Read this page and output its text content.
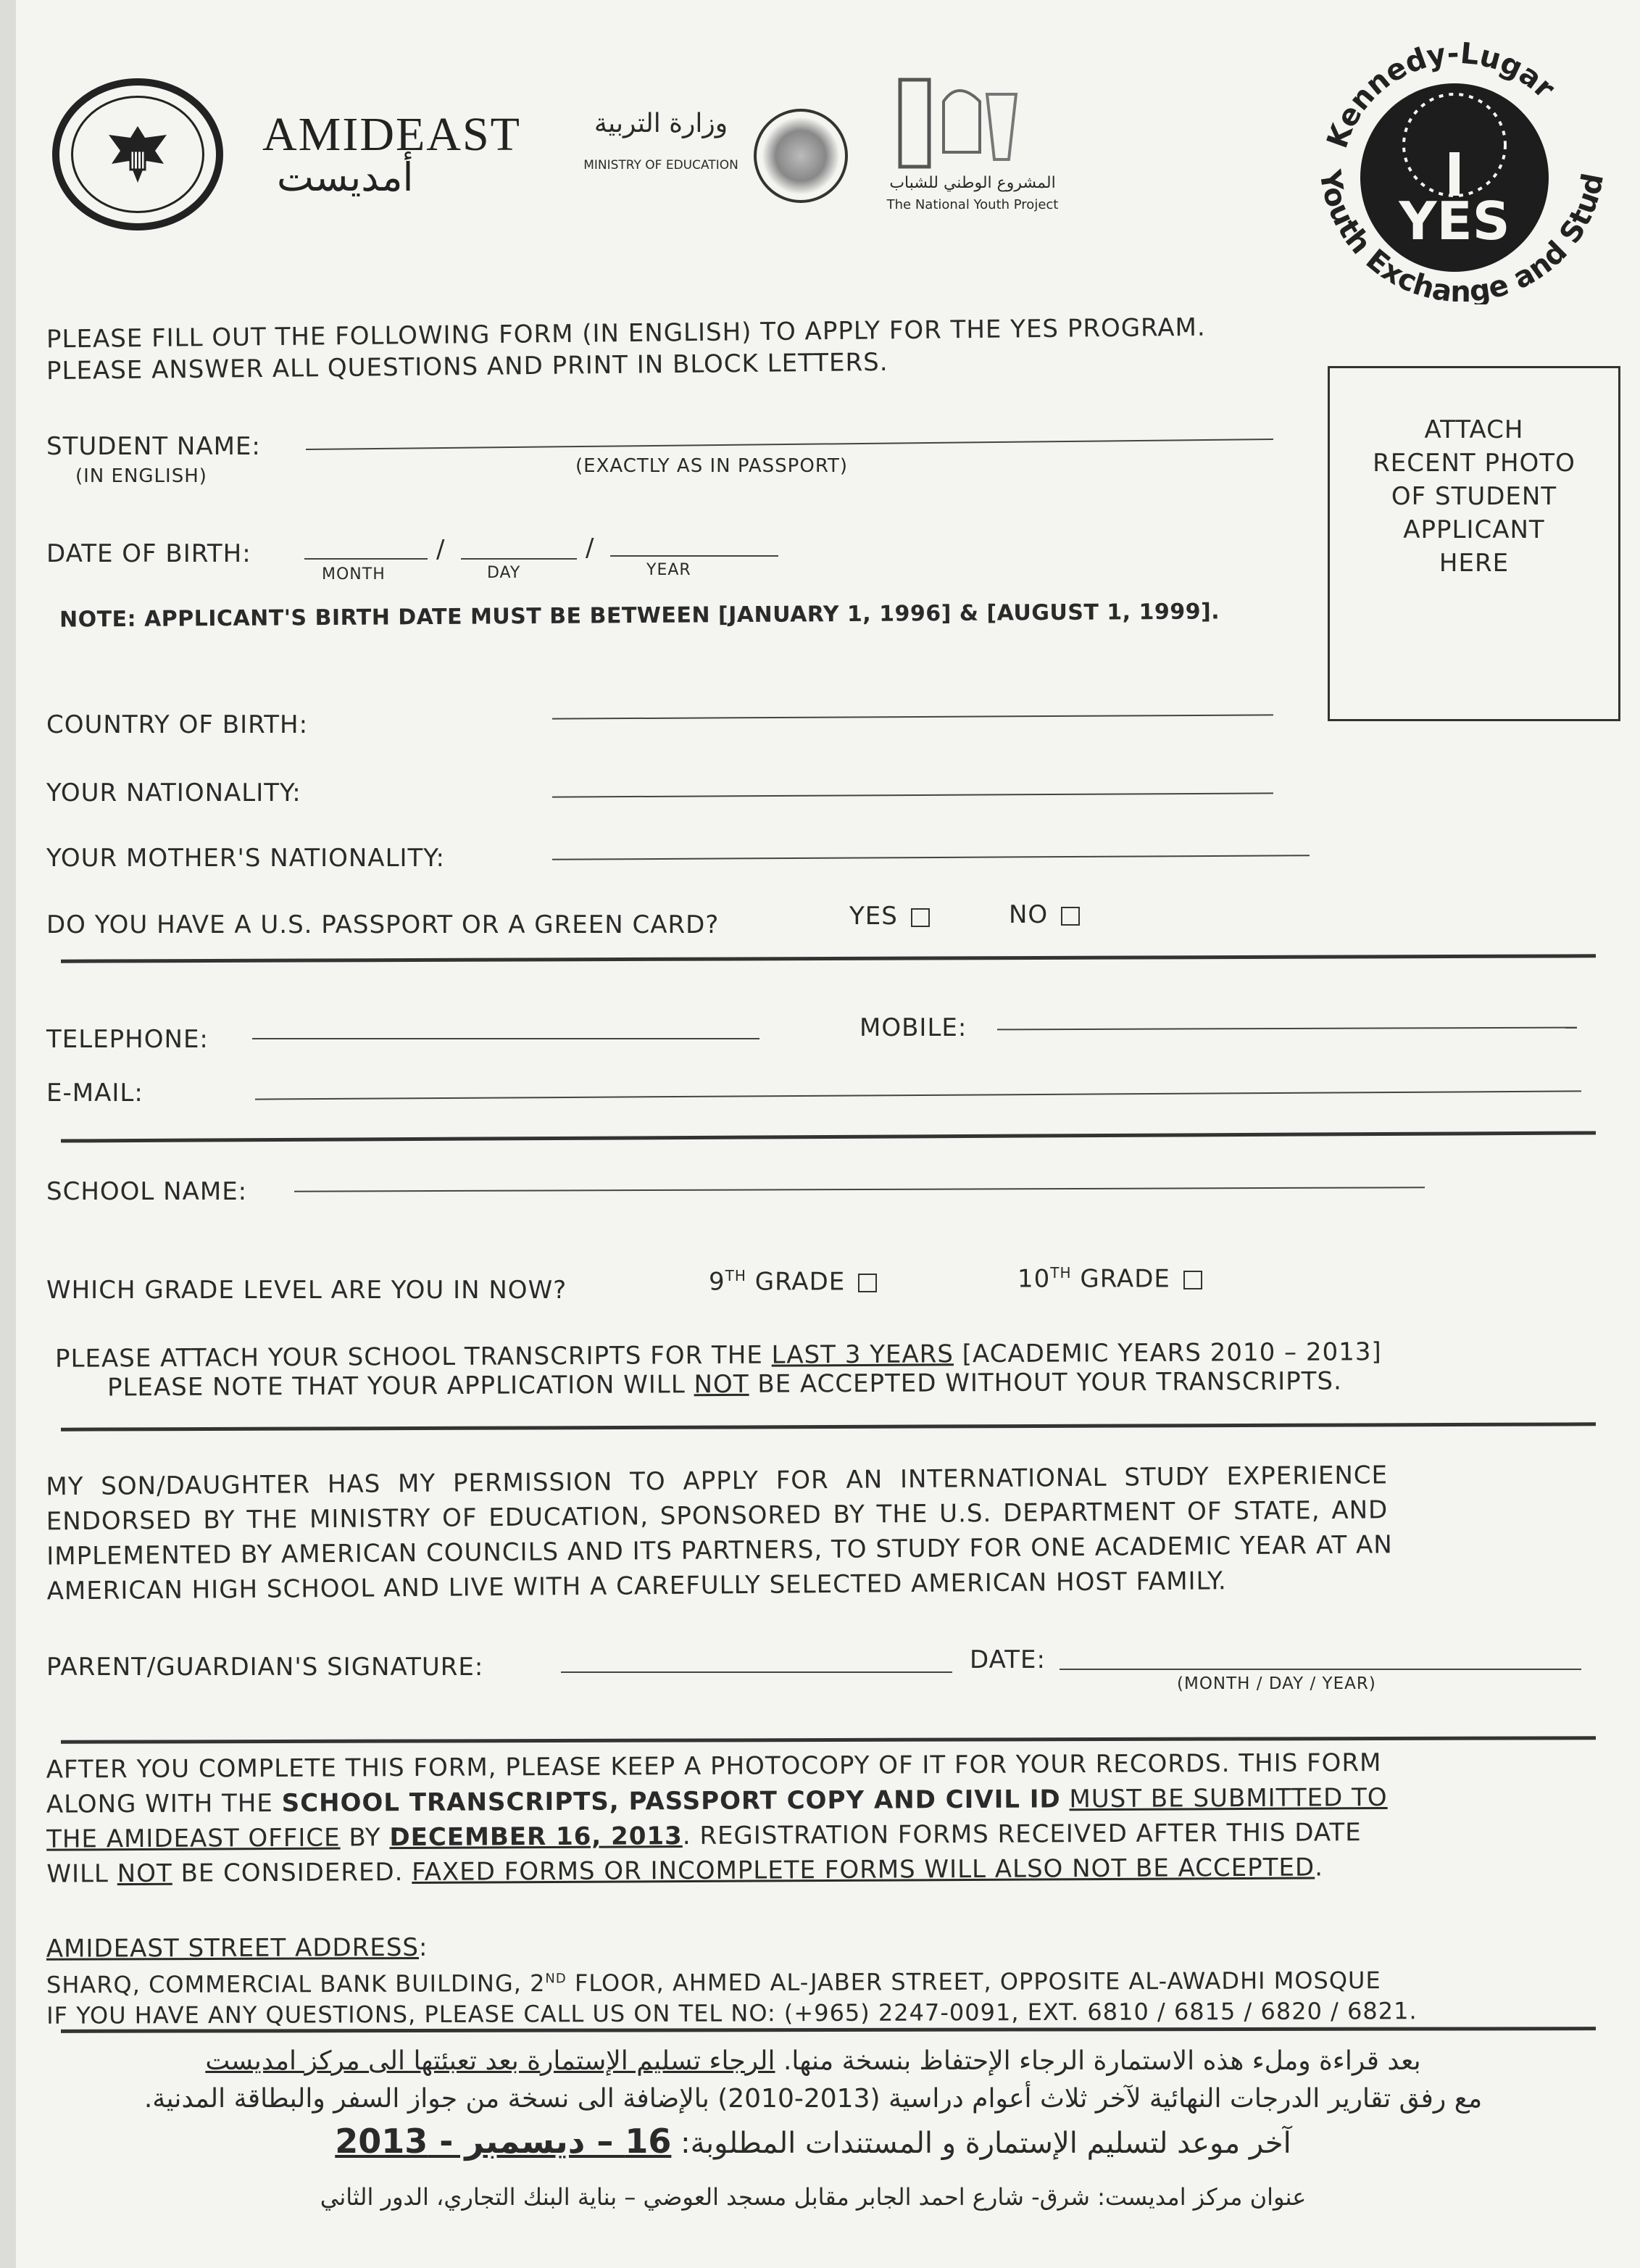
AMIDEAST
أمديست
وزارة التربية
MINISTRY OF EDUCATION
المشروع الوطني للشباب
The National Youth Project	YES
Kennedy-Lugar
Youth Exchange and Stud
PLEASE FILL OUT THE FOLLOWING FORM (IN ENGLISH) TO APPLY FOR THE YES PROGRAM.
PLEASE ANSWER ALL QUESTIONS AND PRINT IN BLOCK LETTERS.
ATTACH
RECENT PHOTO
OF STUDENT
APPLICANT
HERE
STUDENT NAME:
(IN ENGLISH)	(EXACTLY AS IN PASSPORT)
DATE OF BIRTH:	/	/
MONTH	DAY	YEAR
NOTE: APPLICANT'S BIRTH DATE MUST BE BETWEEN [JANUARY 1, 1996] & [AUGUST 1, 1999].
COUNTRY OF BIRTH:
YOUR NATIONALITY:
YOUR MOTHER'S NATIONALITY:
DO YOU HAVE A U.S. PASSPORT OR A GREEN CARD?	YES	NO
TELEPHONE:	MOBILE:
E-MAIL:
SCHOOL NAME:
WHICH GRADE LEVEL ARE YOU IN NOW?	9TH GRADE	10TH GRADE
PLEASE ATTACH YOUR SCHOOL TRANSCRIPTS FOR THE LAST 3 YEARS [ACADEMIC YEARS 2010 – 2013]
PLEASE NOTE THAT YOUR APPLICATION WILL NOT BE ACCEPTED WITHOUT YOUR TRANSCRIPTS.
MY SON/DAUGHTER HAS MY PERMISSION TO APPLY FOR AN INTERNATIONAL STUDY EXPERIENCE
ENDORSED BY THE MINISTRY OF EDUCATION, SPONSORED BY THE U.S. DEPARTMENT OF STATE, AND
IMPLEMENTED BY AMERICAN COUNCILS AND ITS PARTNERS, TO STUDY FOR ONE ACADEMIC YEAR AT AN
AMERICAN HIGH SCHOOL AND LIVE WITH A CAREFULLY SELECTED AMERICAN HOST FAMILY.
PARENT/GUARDIAN'S SIGNATURE:	DATE:
(MONTH / DAY / YEAR)
AFTER YOU COMPLETE THIS FORM, PLEASE KEEP A PHOTOCOPY OF IT FOR YOUR RECORDS. THIS FORM
ALONG WITH THE SCHOOL TRANSCRIPTS, PASSPORT COPY AND CIVIL ID MUST BE SUBMITTED TO
THE AMIDEAST OFFICE BY DECEMBER 16, 2013. REGISTRATION FORMS RECEIVED AFTER THIS DATE
WILL NOT BE CONSIDERED. FAXED FORMS OR INCOMPLETE FORMS WILL ALSO NOT BE ACCEPTED.
AMIDEAST STREET ADDRESS:
SHARQ, COMMERCIAL BANK BUILDING, 2ND FLOOR, AHMED AL-JABER STREET, OPPOSITE AL-AWADHI MOSQUE
IF YOU HAVE ANY QUESTIONS, PLEASE CALL US ON TEL NO: (+965) 2247-0091, EXT. 6810 / 6815 / 6820 / 6821.
بعد قراءة وملء هذه الاستمارة الرجاء الإحتفاظ بنسخة منها. الرجاء تسليم الإستمارة بعد تعبئتها الى مركز امديست
مع رفق تقارير الدرجات النهائية لآخر ثلاث أعوام دراسية (2013-2010) بالإضافة الى نسخة من جواز السفر والبطاقة المدنية.
آخر موعد لتسليم الإستمارة و المستندات المطلوبة: 16 – ديسمبر - 2013
عنوان مركز امديست: شرق- شارع احمد الجابر مقابل مسجد العوضي – بناية البنك التجاري، الدور الثاني
